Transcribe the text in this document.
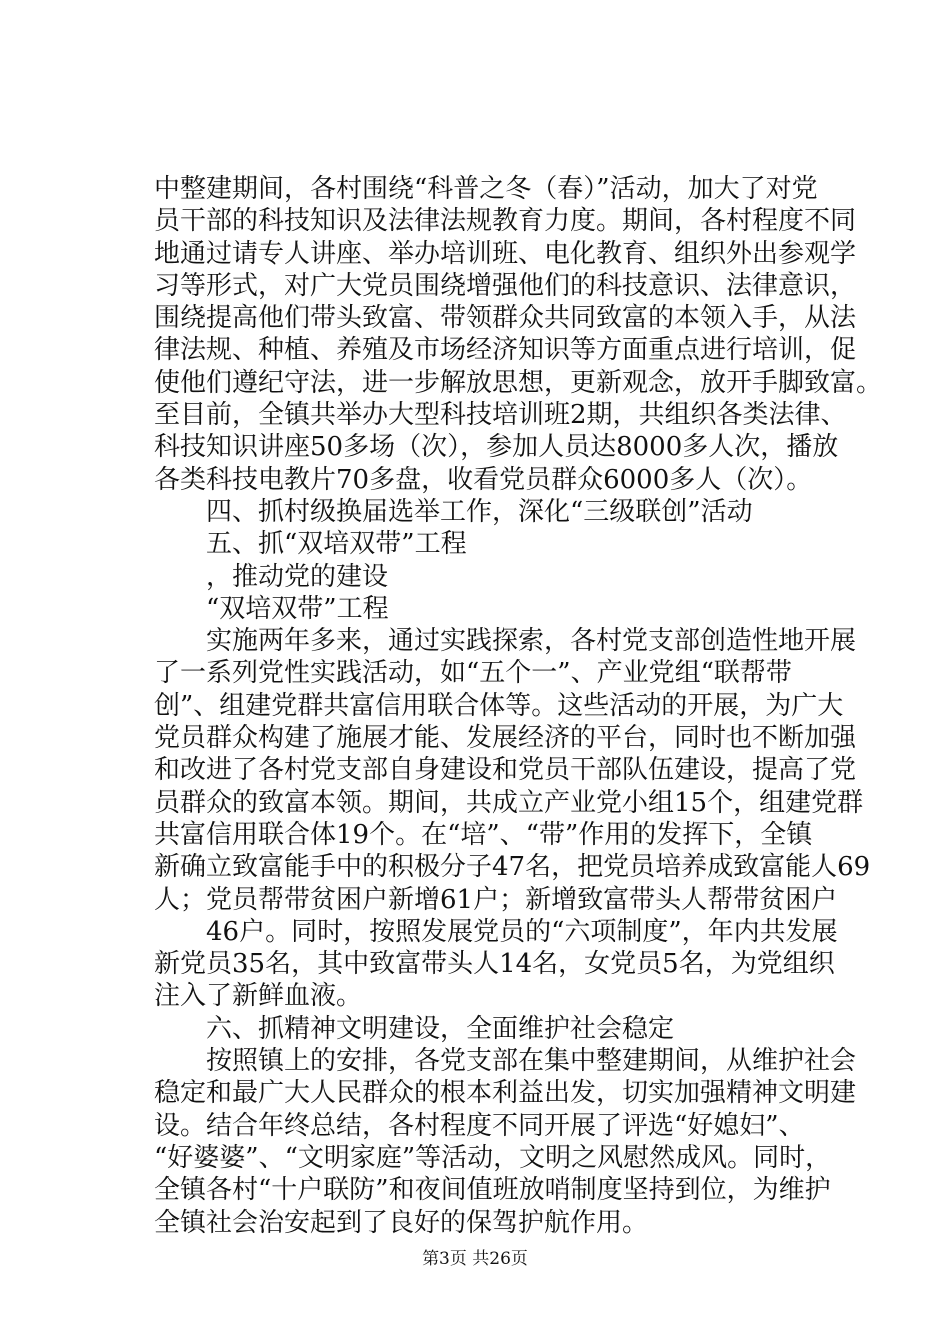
中整建期间，各村围绕“科普之冬（春）”活动，加大了对党
员干部的科技知识及法律法规教育力度。期间，各村程度不同
地通过请专人讲座、举办培训班、电化教育、组织外出参观学
习等形式，对广大党员围绕增强他们的科技意识、法律意识，
围绕提高他们带头致富、带领群众共同致富的本领入手，从法
律法规、种植、养殖及市场经济知识等方面重点进行培训，促
使他们遵纪守法，进一步解放思想，更新观念，放开手脚致富。
至目前，全镇共举办大型科技培训班2期，共组织各类法律、
科技知识讲座50多场（次），参加人员达8000多人次，播放
各类科技电教片70多盘，收看党员群众6000多人（次）。
　　四、抓村级换届选举工作，深化“三级联创”活动
　　五、抓“双培双带”工程
　　，推动党的建设
　　“双培双带”工程
　　实施两年多来，通过实践探索，各村党支部创造性地开展
了一系列党性实践活动，如“五个一”、产业党组“联帮带
创”、组建党群共富信用联合体等。这些活动的开展，为广大
党员群众构建了施展才能、发展经济的平台，同时也不断加强
和改进了各村党支部自身建设和党员干部队伍建设，提高了党
员群众的致富本领。期间，共成立产业党小组15个，组建党群
共富信用联合体19个。在“培”、“带”作用的发挥下，全镇
新确立致富能手中的积极分子47名，把党员培养成致富能人69
人；党员帮带贫困户新增61户；新增致富带头人帮带贫困户
　　46户。同时，按照发展党员的“六项制度”，年内共发展
新党员35名，其中致富带头人14名，女党员5名，为党组织
注入了新鲜血液。
　　六、抓精神文明建设，全面维护社会稳定
　　按照镇上的安排，各党支部在集中整建期间，从维护社会
稳定和最广大人民群众的根本利益出发，切实加强精神文明建
设。结合年终总结，各村程度不同开展了评选“好媳妇”、
“好婆婆”、“文明家庭”等活动，文明之风慰然成风。同时，
全镇各村“十户联防”和夜间值班放哨制度坚持到位，为维护
全镇社会治安起到了良好的保驾护航作用。
第3页 共26页
